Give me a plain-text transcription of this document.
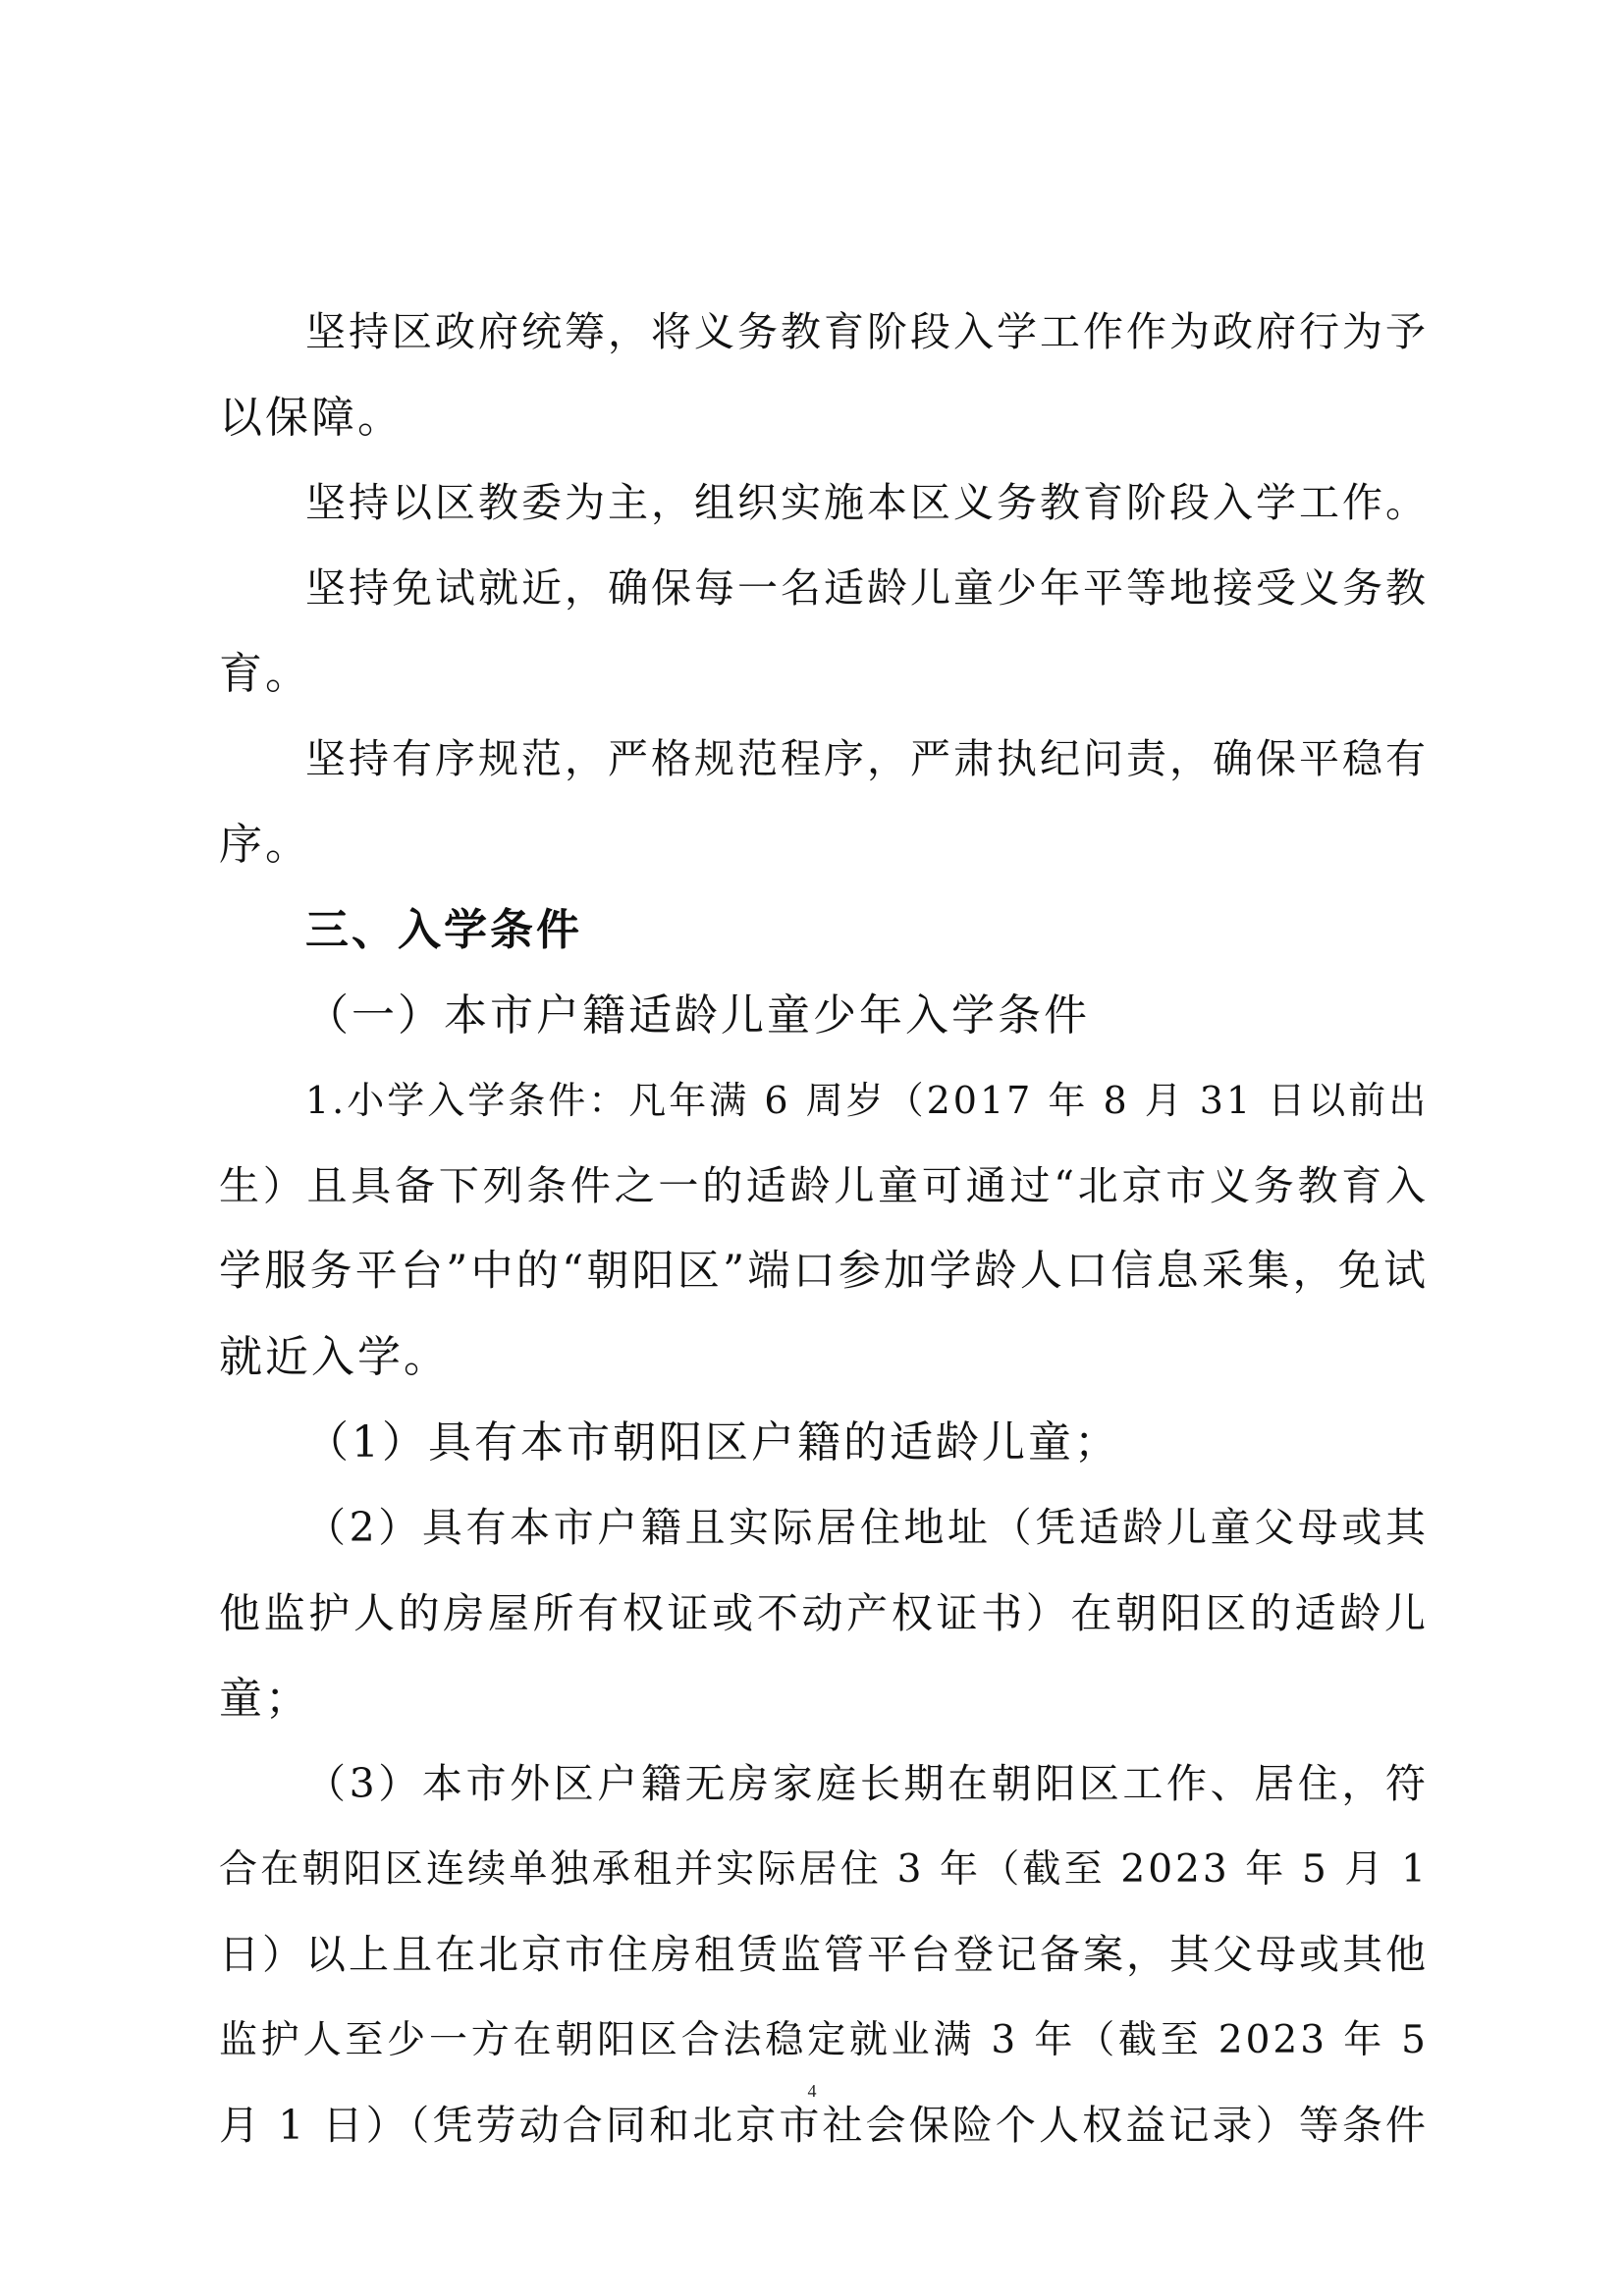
坚持区政府统筹，将义务教育阶段入学工作作为政府行为予
以保障。
坚持以区教委为主，组织实施本区义务教育阶段入学工作。
坚持免试就近，确保每一名适龄儿童少年平等地接受义务教
育。
坚持有序规范，严格规范程序，严肃执纪问责，确保平稳有
序。
三、入学条件
（一）本市户籍适龄儿童少年入学条件
1.小学入学条件：凡年满 6 周岁（2017 年 8 月 31 日以前出
生）且具备下列条件之一的适龄儿童可通过“北京市义务教育入
学服务平台”中的“朝阳区”端口参加学龄人口信息采集，免试
就近入学。
（1）具有本市朝阳区户籍的适龄儿童；
（2）具有本市户籍且实际居住地址（凭适龄儿童父母或其
他监护人的房屋所有权证或不动产权证书）在朝阳区的适龄儿
童；
（3）本市外区户籍无房家庭长期在朝阳区工作、居住，符
合在朝阳区连续单独承租并实际居住 3 年（截至 2023 年 5 月 1
日）以上且在北京市住房租赁监管平台登记备案，其父母或其他
监护人至少一方在朝阳区合法稳定就业满 3 年（截至 2023 年 5
月 1 日）（凭劳动合同和北京市社会保险个人权益记录）等条件
4
